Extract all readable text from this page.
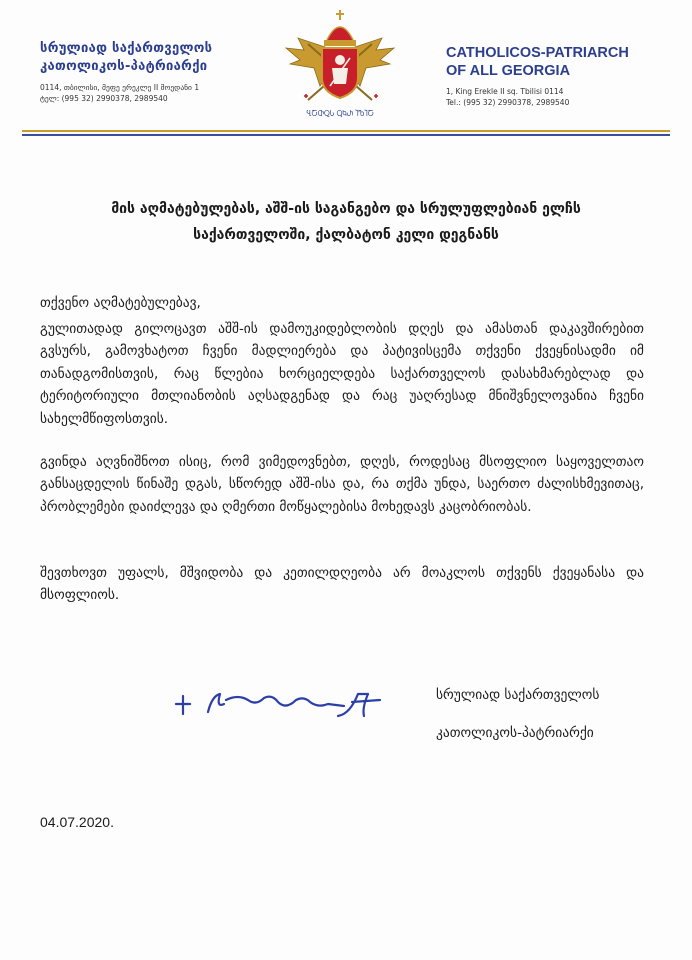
სრულიად საქართველოს
კათოლიკოს-პატრიარქი
0114, თბილისი, მეფე ერეკლე II მოედანი 1
ტელ: (995 32) 2990378, 2989540
ႡႠႧႭႱ ႳႩႰ ႨႪႨႠ
CATHOLICOS-PATRIARCH
OF ALL GEORGIA
1, King Erekle II sq. Tbilisi 0114
Tel.: (995 32) 2990378, 2989540
მის აღმატებულებას, აშშ-ის საგანგებო და სრულუფლებიან ელჩს
საქართველოში, ქალბატონ კელი დეგნანს
თქვენო აღმატებულებავ,
გულითადად გილოცავთ აშშ-ის დამოუკიდებლობის დღეს და ამასთან დაკავშირებით გვსურს, გამოვხატოთ ჩვენი მადლიერება და პატივისცემა თქვენი ქვეყნისადმი იმ თანადგომისთვის, რაც წლებია ხორციელდება საქართველოს დასახმარებლად და ტერიტორიული მთლიანობის აღსადგენად და რაც უაღრესად მნიშვნელოვანია ჩვენი სახელმწიფოსთვის.
გვინდა აღვნიშნოთ ისიც, რომ ვიმედოვნებთ, დღეს, როდესაც მსოფლიო საყოველთაო განსაცდელის წინაშე დგას, სწორედ აშშ-ისა და, რა თქმა უნდა, საერთო ძალისხმევითაც, პრობლემები დაიძლევა და ღმერთი მოწყალებისა მოხედავს კაცობრიობას.
შევთხოვთ უფალს, მშვიდობა და კეთილდღეობა არ მოაკლოს თქვენს ქვეყანასა და მსოფლიოს.
სრულიად საქართველოს
კათოლიკოს-პატრიარქი
04.07.2020.
